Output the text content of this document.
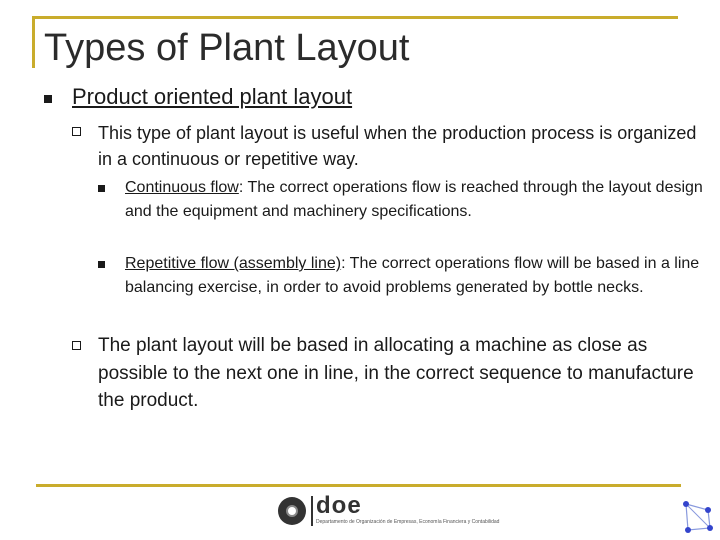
Types of Plant Layout
Product oriented plant layout
This type of plant layout is useful when the production process is organized in a continuous or repetitive way.
Continuous flow: The correct operations flow is reached through the layout design and the equipment and machinery specifications.
Repetitive flow (assembly line): The correct operations flow will be based in a line balancing exercise, in order to avoid problems generated by bottle necks.
The plant layout will be based in allocating a machine as close as possible to the next one in line, in the correct sequence to manufacture the product.
doe
Departamento de Organización de Empresas, Economía Financiera y Contabilidad
